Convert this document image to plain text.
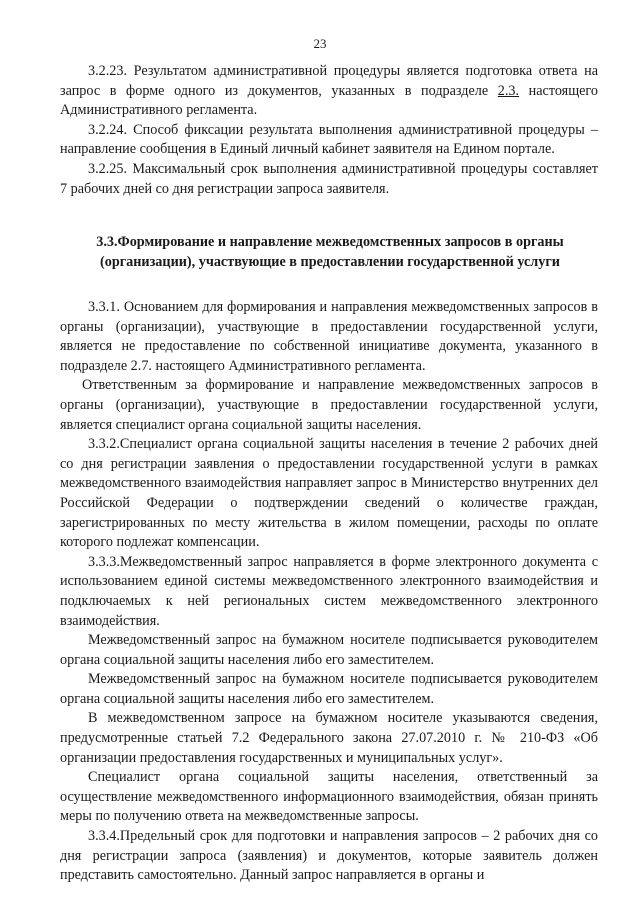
23

3.2.23. Результатом административной процедуры является подготовка ответа на запрос в форме одного из документов, указанных в подразделе 2.3. настоящего Административного регламента.

3.2.24. Способ фиксации результата выполнения административной процедуры – направление сообщения в Единый личный кабинет заявителя на Едином портале.

3.2.25. Максимальный срок выполнения административной процедуры составляет 7 рабочих дней со дня регистрации запроса заявителя.

3.3.Формирование и направление межведомственных запросов в органы
(организации), участвующие в предоставлении государственной услуги

3.3.1. Основанием для формирования и направления межведомственных запросов в органы (организации), участвующие в предоставлении государственной услуги, является не предоставление по собственной инициативе документа, указанного в подразделе 2.7. настоящего Административного регламента.

Ответственным за формирование и направление межведомственных запросов в органы (организации), участвующие в предоставлении государственной услуги, является специалист органа социальной защиты населения.

3.3.2.Специалист органа социальной защиты населения в течение 2 рабочих дней со дня регистрации заявления о предоставлении государственной услуги в рамках межведомственного взаимодействия направляет запрос в Министерство внутренних дел Российской Федерации о подтверждении сведений о количестве граждан, зарегистрированных по месту жительства в жилом помещении, расходы по оплате которого подлежат компенсации.

3.3.3.Межведомственный запрос направляется в форме электронного документа с использованием единой системы межведомственного электронного взаимодействия и подключаемых к ней региональных систем межведомственного электронного взаимодействия.

Межведомственный запрос на бумажном носителе подписывается руководителем органа социальной защиты населения либо его заместителем.

Межведомственный запрос на бумажном носителе подписывается руководителем органа социальной защиты населения либо его заместителем.

В межведомственном запросе на бумажном носителе указываются сведения, предусмотренные статьей 7.2 Федерального закона 27.07.2010 г. № 210-ФЗ «Об организации предоставления государственных и муниципальных услуг».

Специалист органа социальной защиты населения, ответственный за осуществление межведомственного информационного взаимодействия, обязан принять меры по получению ответа на межведомственные запросы.

3.3.4.Предельный срок для подготовки и направления запросов – 2 рабочих дня со дня регистрации запроса (заявления) и документов, которые заявитель должен представить самостоятельно. Данный запрос направляется в органы и
